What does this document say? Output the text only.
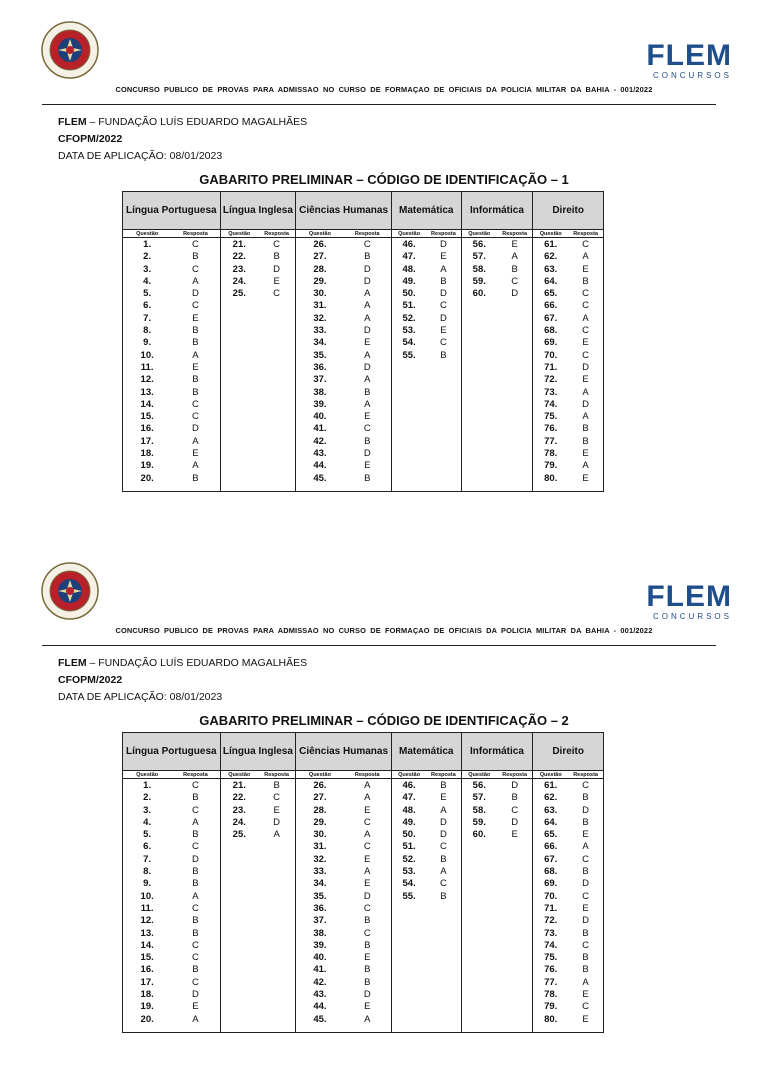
FLEM
CONCURSOS
CONCURSO PUBLICO DE PROVAS PARA ADMISSAO NO CURSO DE FORMAÇAO DE OFICIAIS DA POLICIA MILITAR DA BAHIA - 001/2022
FLEM – FUNDAÇÃO LUÍS EDUARDO MAGALHÃES
CFOPM/2022
DATA DE APLICAÇÃO: 08/01/2023
GABARITO PRELIMINAR – CÓDIGO DE IDENTIFICAÇÃO – 1
Língua Portuguesa
Questão	Resposta
1.	C
2.	B
3.	C
4.	A
5.	D
6.	C
7.	E
8.	B
9.	B
10.	A
11.	E
12.	B
13.	B
14.	C
15.	C
16.	D
17.	A
18.	E
19.	A
20.	B
Língua Inglesa
Questão	Resposta
21.	C
22.	B
23.	D
24.	E
25.	C
Ciências Humanas
Questão	Resposta
26.	C
27.	B
28.	D
29.	D
30.	A
31.	A
32.	A
33.	D
34.	E
35.	A
36.	D
37.	A
38.	B
39.	A
40.	E
41.	C
42.	B
43.	D
44.	E
45.	B
Matemática
Questão	Resposta
46.	D
47.	E
48.	A
49.	B
50.	D
51.	C
52.	D
53.	E
54.	C
55.	B
Informática
Questão	Resposta
56.	E
57.	A
58.	B
59.	C
60.	D
Direito
Questão	Resposta
61.	C
62.	A
63.	E
64.	B
65.	C
66.	C
67.	A
68.	C
69.	E
70.	C
71.	D
72.	E
73.	A
74.	D
75.	A
76.	B
77.	B
78.	E
79.	A
80.	E
FLEM
CONCURSOS
CONCURSO PUBLICO DE PROVAS PARA ADMISSAO NO CURSO DE FORMAÇAO DE OFICIAIS DA POLICIA MILITAR DA BAHIA - 001/2022
FLEM – FUNDAÇÃO LUÍS EDUARDO MAGALHÃES
CFOPM/2022
DATA DE APLICAÇÃO: 08/01/2023
GABARITO PRELIMINAR – CÓDIGO DE IDENTIFICAÇÃO – 2
Língua Portuguesa
Questão	Resposta
1.	C
2.	B
3.	C
4.	A
5.	B
6.	C
7.	D
8.	B
9.	B
10.	A
11.	C
12.	B
13.	B
14.	C
15.	C
16.	B
17.	C
18.	D
19.	E
20.	A
Língua Inglesa
Questão	Resposta
21.	B
22.	C
23.	E
24.	D
25.	A
Ciências Humanas
Questão	Resposta
26.	A
27.	A
28.	E
29.	C
30.	A
31.	C
32.	E
33.	A
34.	E
35.	D
36.	C
37.	B
38.	C
39.	B
40.	E
41.	B
42.	B
43.	D
44.	E
45.	A
Matemática
Questão	Resposta
46.	B
47.	E
48.	A
49.	D
50.	D
51.	C
52.	B
53.	A
54.	C
55.	B
Informática
Questão	Resposta
56.	D
57.	B
58.	C
59.	D
60.	E
Direito
Questão	Resposta
61.	C
62.	B
63.	D
64.	B
65.	E
66.	A
67.	C
68.	B
69.	D
70.	C
71.	E
72.	D
73.	B
74.	C
75.	B
76.	B
77.	A
78.	E
79.	C
80.	E
